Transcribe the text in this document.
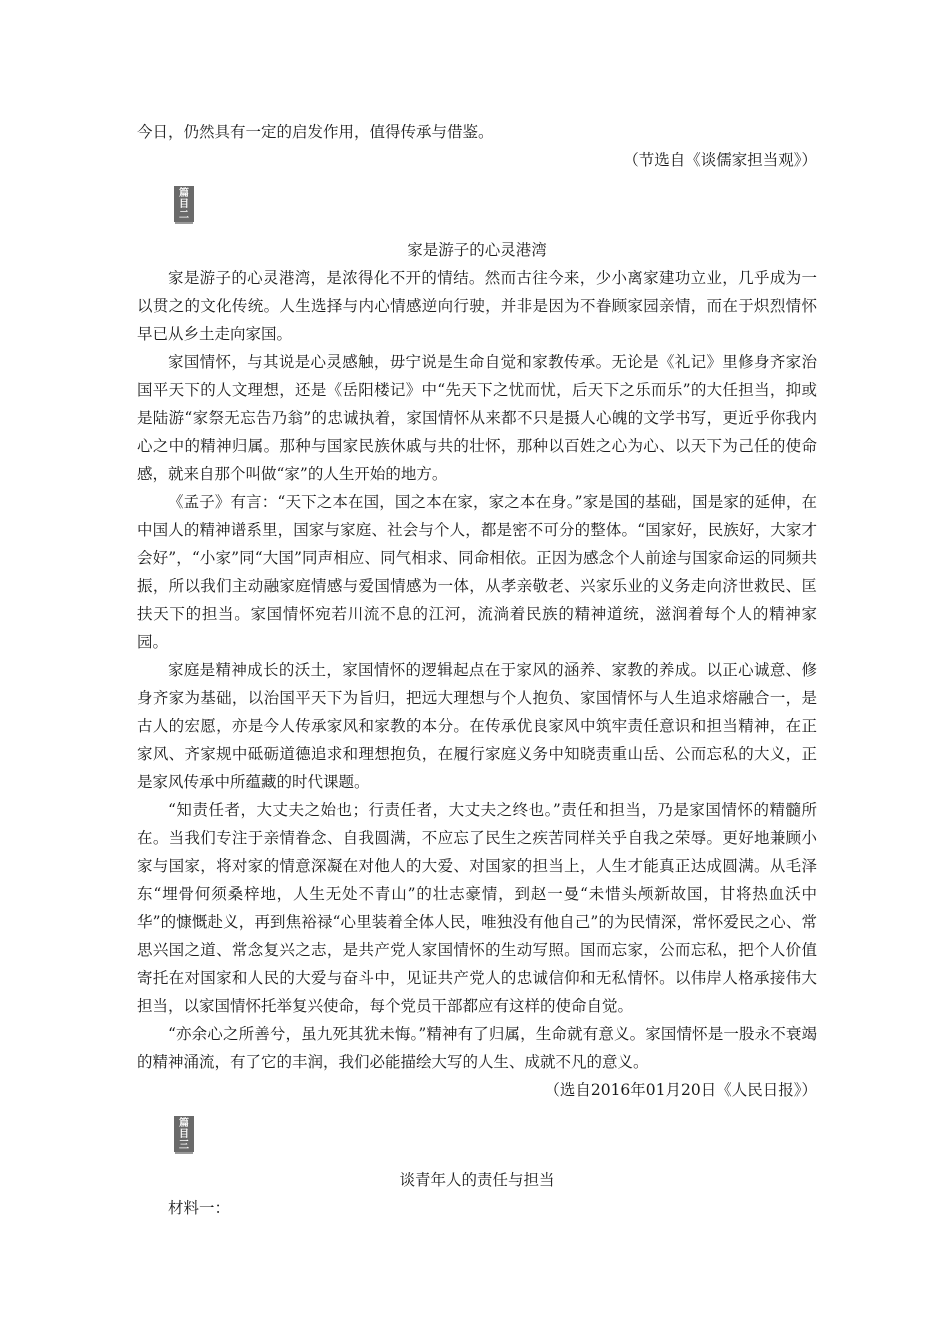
今日，仍然具有一定的启发作用，值得传承与借鉴。
（节选自《谈儒家担当观》）
篇
目
二
家是游子的心灵港湾

家是游子的心灵港湾，是浓得化不开的情结。然而古往今来，少小离家建功立业，几乎成为一以贯之的文化传统。人生选择与内心情感逆向行驶，并非是因为不眷顾家园亲情，而在于炽烈情怀早已从乡土走向家国。

家国情怀，与其说是心灵感触，毋宁说是生命自觉和家教传承。无论是《礼记》里修身齐家治国平天下的人文理想，还是《岳阳楼记》中“先天下之忧而忧，后天下之乐而乐”的大任担当，抑或是陆游“家祭无忘告乃翁”的忠诚执着，家国情怀从来都不只是摄人心魄的文学书写，更近乎你我内心之中的精神归属。那种与国家民族休戚与共的壮怀，那种以百姓之心为心、以天下为己任的使命感，就来自那个叫做“家”的人生开始的地方。

《孟子》有言：“天下之本在国，国之本在家，家之本在身。”家是国的基础，国是家的延伸，在中国人的精神谱系里，国家与家庭、社会与个人，都是密不可分的整体。“国家好，民族好，大家才会好”，“小家”同“大国”同声相应、同气相求、同命相依。正因为感念个人前途与国家命运的同频共振，所以我们主动融家庭情感与爱国情感为一体，从孝亲敬老、兴家乐业的义务走向济世救民、匡扶天下的担当。家国情怀宛若川流不息的江河，流淌着民族的精神道统，滋润着每个人的精神家园。

家庭是精神成长的沃土，家国情怀的逻辑起点在于家风的涵养、家教的养成。以正心诚意、修身齐家为基础，以治国平天下为旨归，把远大理想与个人抱负、家国情怀与人生追求熔融合一，是古人的宏愿，亦是今人传承家风和家教的本分。在传承优良家风中筑牢责任意识和担当精神，在正家风、齐家规中砥砺道德追求和理想抱负，在履行家庭义务中知晓责重山岳、公而忘私的大义，正是家风传承中所蕴藏的时代课题。

“知责任者，大丈夫之始也；行责任者，大丈夫之终也。”责任和担当，乃是家国情怀的精髓所在。当我们专注于亲情眷念、自我圆满，不应忘了民生之疾苦同样关乎自我之荣辱。更好地兼顾小家与国家，将对家的情意深凝在对他人的大爱、对国家的担当上，人生才能真正达成圆满。从毛泽东“埋骨何须桑梓地，人生无处不青山”的壮志豪情，到赵一曼“未惜头颅新故国，甘将热血沃中华”的慷慨赴义，再到焦裕禄“心里装着全体人民，唯独没有他自己”的为民情深，常怀爱民之心、常思兴国之道、常念复兴之志，是共产党人家国情怀的生动写照。国而忘家，公而忘私，把个人价值寄托在对国家和人民的大爱与奋斗中，见证共产党人的忠诚信仰和无私情怀。以伟岸人格承接伟大担当，以家国情怀托举复兴使命，每个党员干部都应有这样的使命自觉。

“亦余心之所善兮，虽九死其犹未悔。”精神有了归属，生命就有意义。家国情怀是一股永不衰竭的精神涌流，有了它的丰润，我们必能描绘大写的人生、成就不凡的意义。

（选自2016年01月20日《人民日报》）
篇
目
三
谈青年人的责任与担当

材料一：
